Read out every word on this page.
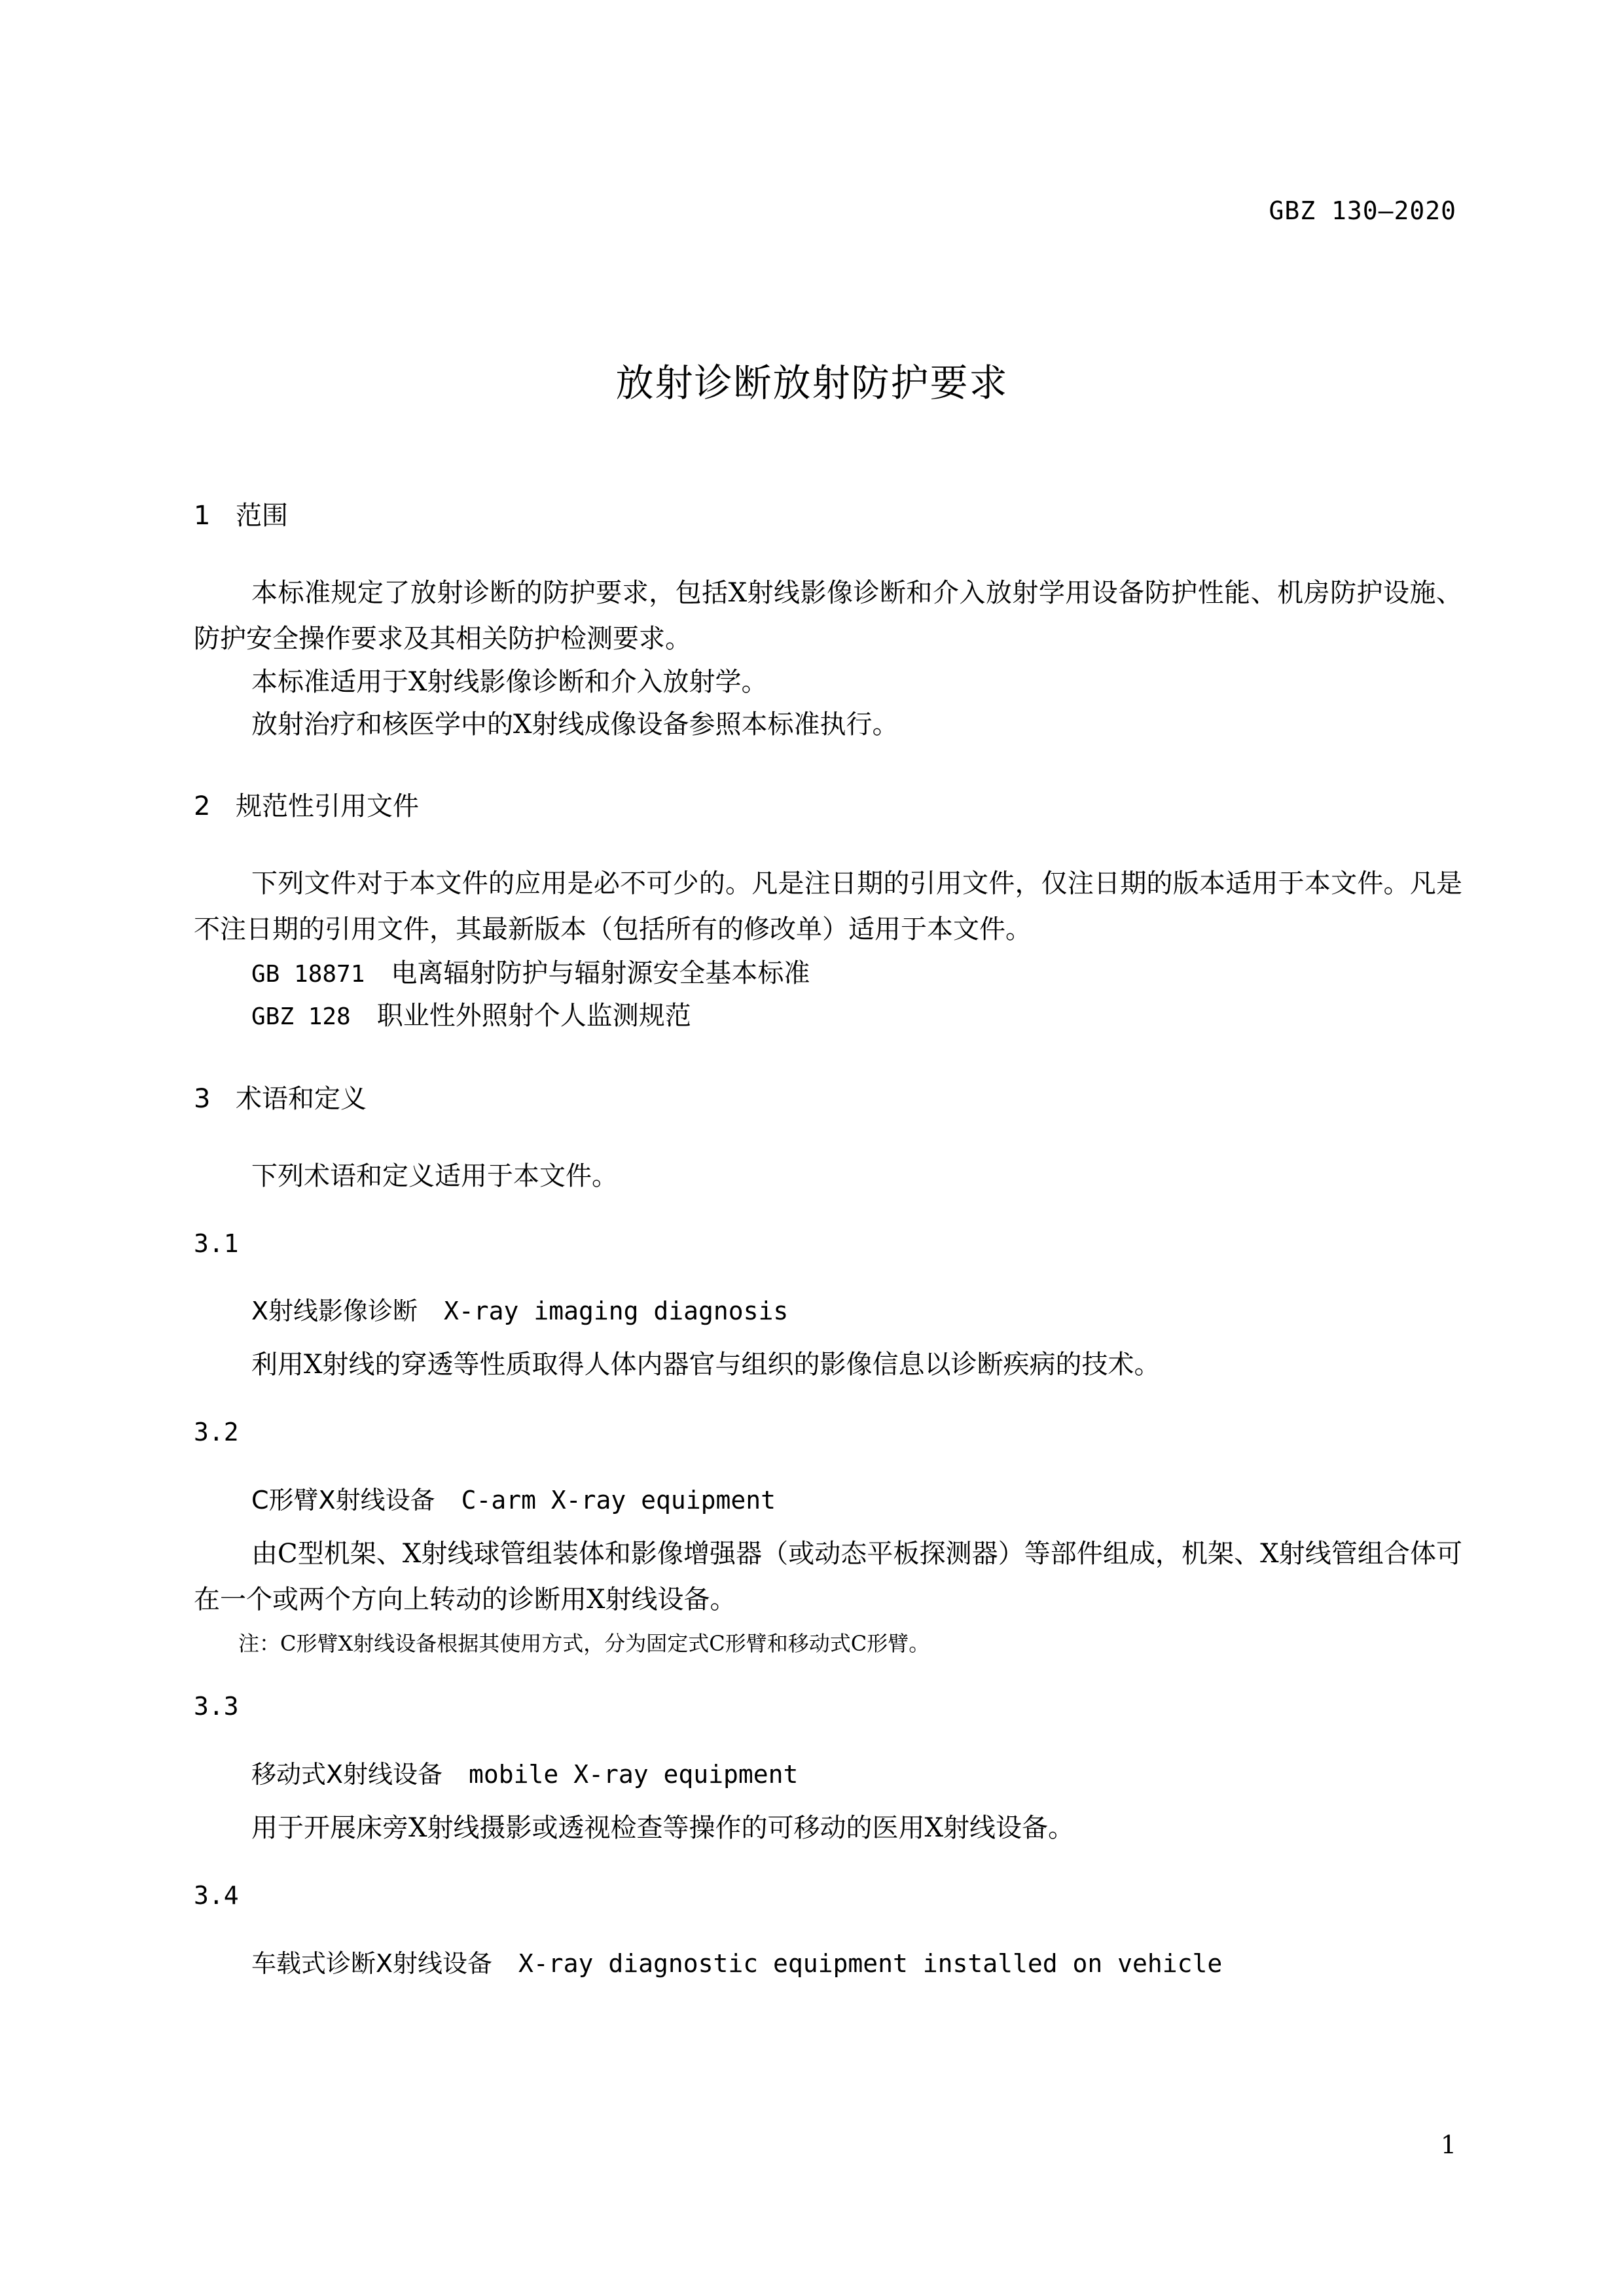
GBZ 130—2020
放射诊断放射防护要求
1 范围
本标准规定了放射诊断的防护要求，包括X射线影像诊断和介入放射学用设备防护性能、机房防护设施、防护安全操作要求及其相关防护检测要求。
本标准适用于X射线影像诊断和介入放射学。
放射治疗和核医学中的X射线成像设备参照本标准执行。
2 规范性引用文件
下列文件对于本文件的应用是必不可少的。凡是注日期的引用文件，仅注日期的版本适用于本文件。凡是不注日期的引用文件，其最新版本（包括所有的修改单）适用于本文件。
GB 18871 电离辐射防护与辐射源安全基本标准
GBZ 128 职业性外照射个人监测规范
3 术语和定义
下列术语和定义适用于本文件。
3.1
X射线影像诊断 X-ray imaging diagnosis
利用X射线的穿透等性质取得人体内器官与组织的影像信息以诊断疾病的技术。
3.2
C形臂X射线设备 C-arm X-ray equipment
由C型机架、X射线球管组装体和影像增强器（或动态平板探测器）等部件组成，机架、X射线管组合体可在一个或两个方向上转动的诊断用X射线设备。
注：C形臂X射线设备根据其使用方式，分为固定式C形臂和移动式C形臂。
3.3
移动式X射线设备 mobile X-ray equipment
用于开展床旁X射线摄影或透视检查等操作的可移动的医用X射线设备。
3.4
车载式诊断X射线设备 X-ray diagnostic equipment installed on vehicle
1
